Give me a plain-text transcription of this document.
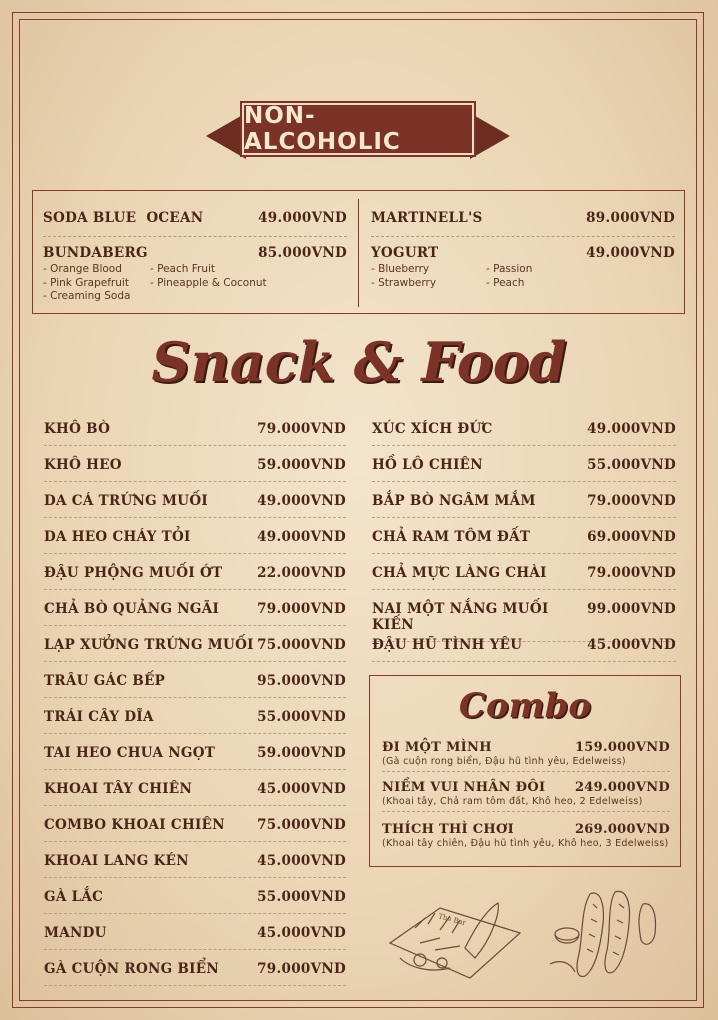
NON-ALCOHOLIC
SODA BLUE  OCEAN	49.000VND
BUNDABERG	85.000VND
- Orange Blood
- Pink Grapefruit
- Creaming Soda
- Peach Fruit
- Pineapple & Coconut
MARTINELL'S	89.000VND
YOGURT	49.000VND
- Blueberry
- Strawberry
- Passion
- Peach
Snack & Food
KHÔ BÒ	79.000VND
KHÔ HEO	59.000VND
DA CÁ TRỨNG MUỐI	49.000VND
DA HEO CHÁY TỎI	49.000VND
ĐẬU PHỘNG MUỐI ỚT	22.000VND
CHẢ BÒ QUẢNG NGÃI	79.000VND
LẠP XƯỞNG TRỨNG MUỐI 75.000VND
TRÂU GÁC BẾP	95.000VND
TRÁI CÂY DĨA	55.000VND
TAI HEO CHUA NGỌT	59.000VND
KHOAI TÂY CHIÊN	45.000VND
COMBO KHOAI CHIÊN 75.000VND
KHOAI LANG KÉN	45.000VND
GÀ LẮC	55.000VND
MANDU	45.000VND
GÀ CUỘN RONG BIỂN	79.000VND
XÚC XÍCH ĐỨC	49.000VND
HỒ LÔ CHIÊN	55.000VND
BẮP BÒ NGÂM MẮM	79.000VND
CHẢ RAM TÔM ĐẤT	69.000VND
CHẢ MỰC LÀNG CHÀI	79.000VND
NAI MỘT NẮNG MUỐI KIẾN
99.000VND
ĐẬU HŨ TÌNH YÊU	45.000VND
Combo
ĐI MỘT MÌNH	159.000VND
(Gà cuộn rong biển, Đậu hũ tình yêu, Edelweiss)
NIỀM VUI NHÂN ĐÔI 249.000VND
(Khoai tây, Chả ram tôm đất, Khô heo, 2 Edelweiss)
THÍCH THÌ CHƠI	269.000VND
(Khoai tây chiên, Đậu hũ tình yêu, Khô heo, 3 Edelweiss)
The Bar
